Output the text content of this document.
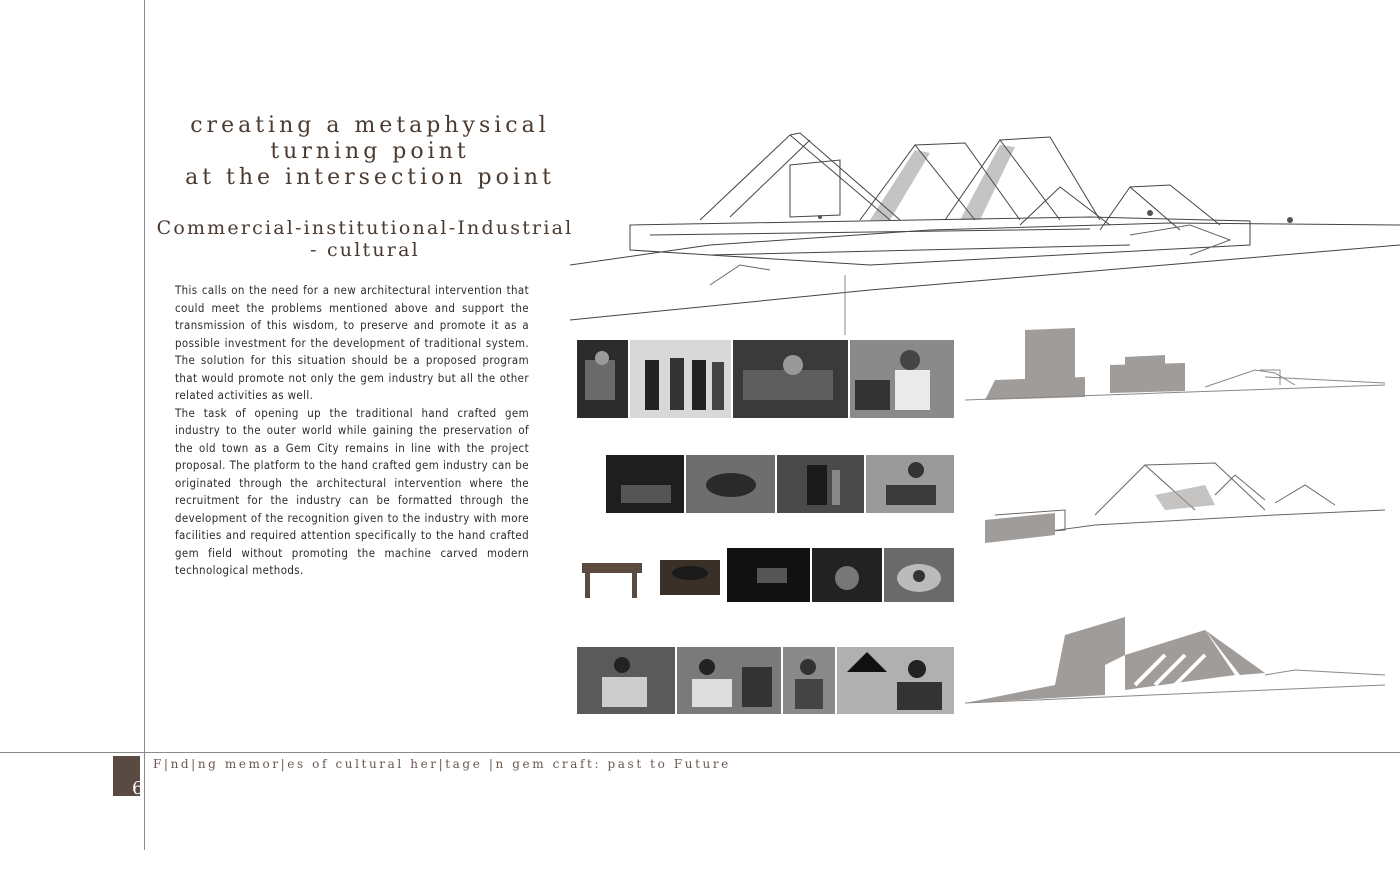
creating a metaphysical
turning point
at the intersection point
Commercial-institutional-Industrial
- cultural

This calls on the need for a new architectural intervention that could meet the problems mentioned above and support the transmission of this wisdom, to preserve and promote it as a possible investment for the development of traditional system. The solution for this situation should be a proposed program that would promote not only the gem industry but all the other related activities as well.

The task of opening up the traditional hand crafted gem industry to the outer world while gaining the preservation of the old town as a Gem City remains in line with the project proposal. The platform to the hand crafted gem industry can be originated through the architectural intervention where the recruitment for the industry can be formatted through the development of the recognition given to the industry with more facilities and required attention specifically to the hand crafted gem field without promoting the machine carved modern technological methods.

6
F|nd|ng memor|es of cultural her|tage |n gem craft: past to Future
